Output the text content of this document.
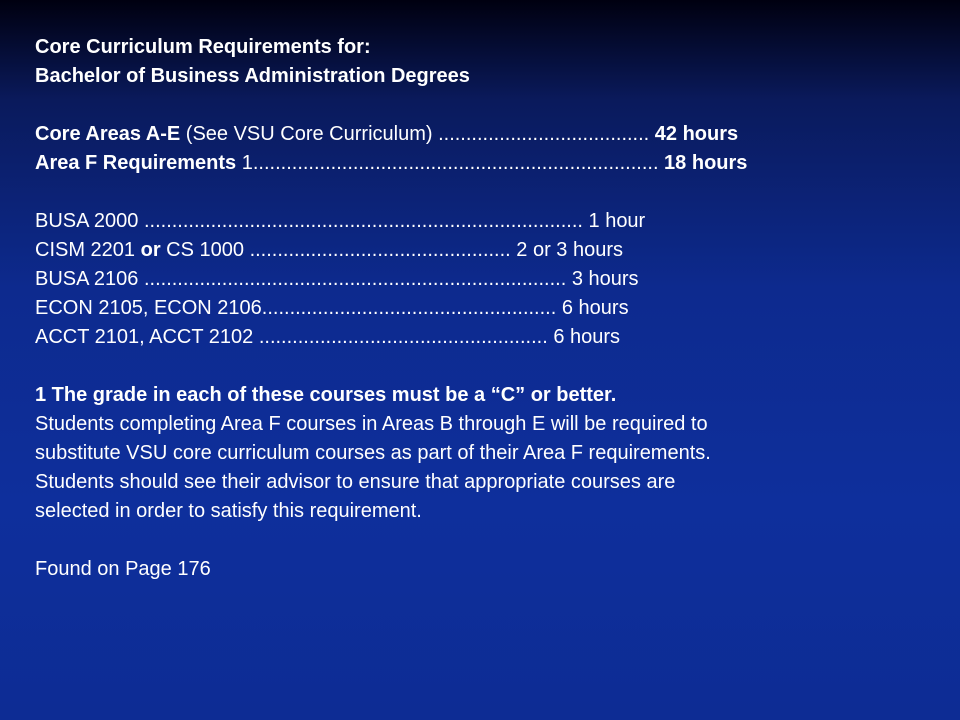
Core Curriculum Requirements for:
Bachelor of Business Administration Degrees
Core Areas A-E (See VSU Core Curriculum) ...................................... 42 hours
Area F Requirements 1......................................................................... 18 hours
BUSA 2000 ............................................................................... 1 hour
CISM 2201 or CS 1000 ............................................... 2 or 3 hours
BUSA 2106 ............................................................................ 3 hours
ECON 2105, ECON 2106..................................................... 6 hours
ACCT 2101, ACCT 2102 .................................................... 6 hours
1 The grade in each of these courses must be a “C” or better.
Students completing Area F courses in Areas B through E will be required to
substitute VSU core curriculum courses as part of their Area F requirements.
Students should see their advisor to ensure that appropriate courses are
selected in order to satisfy this requirement.
Found on Page 176
